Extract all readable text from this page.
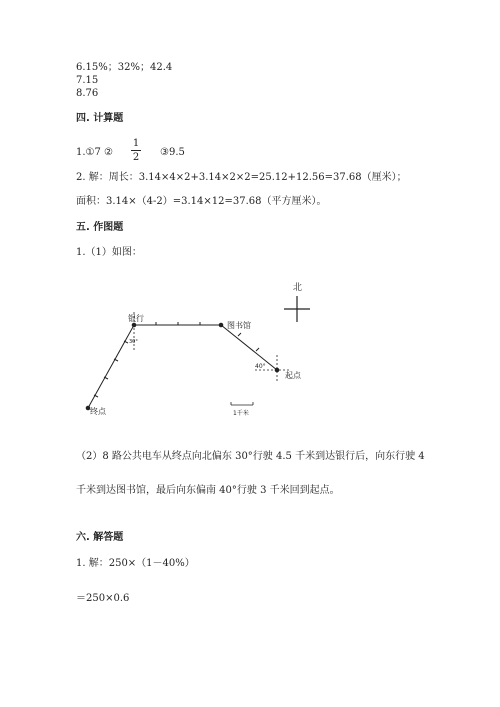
6.15%；32%；42.4
7.15
8.76
四. 计算题
1.①7 ②
1
2 ③9.5
2. 解：周长：3.14×4×2+3.14×2×2=25.12+12.56=37.68（厘米）；
面积：3.14×（4-2）=3.14×12=37.68（平方厘米）。
五. 作图题
1.（1）如图：
北
银行
图书馆
起点
终点
30°
40°
1千米
（2）8 路公共电车从终点向北偏东 30°行驶 4.5 千米到达银行后，向东行驶 4
千米到达图书馆，最后向东偏南 40°行驶 3 千米回到起点。
六. 解答题
1. 解：250×（1－40%）
＝250×0.6
